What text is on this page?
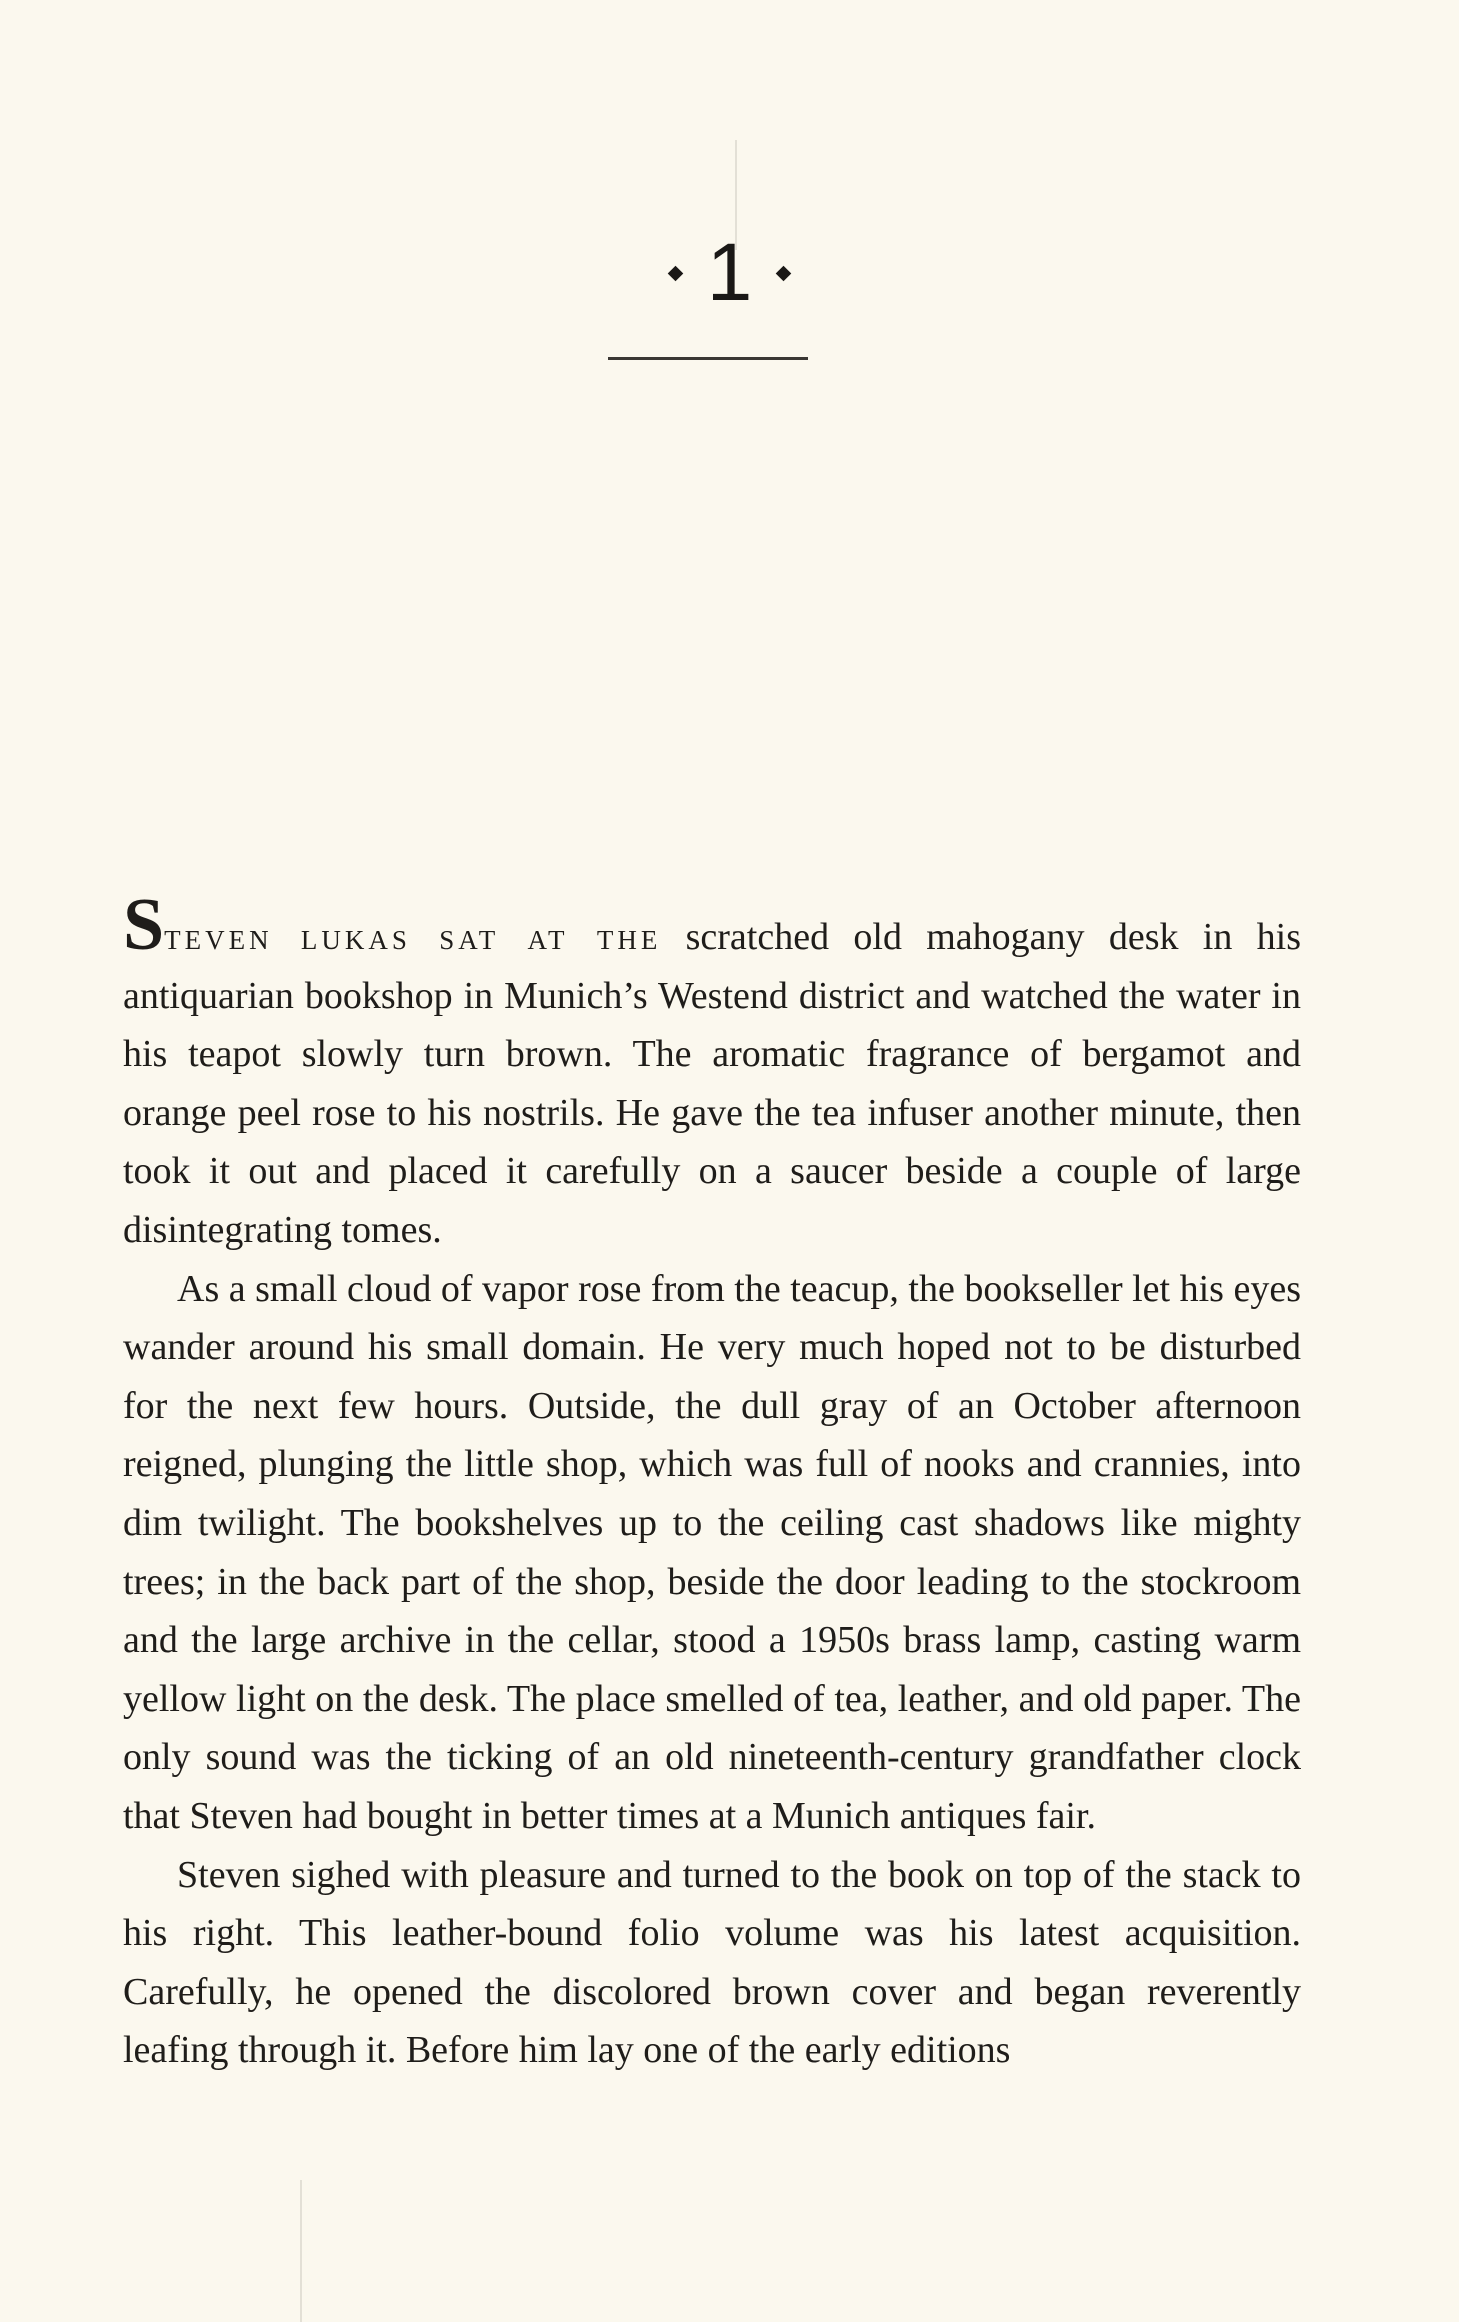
1

Steven lukas sat at the scratched old mahogany desk in his antiquarian bookshop in Munich’s Westend district and watched the water in his teapot slowly turn brown. The aromatic fragrance of bergamot and orange peel rose to his nostrils. He gave the tea infuser another minute, then took it out and placed it carefully on a saucer beside a couple of large disintegrating tomes.

As a small cloud of vapor rose from the teacup, the bookseller let his eyes wander around his small domain. He very much hoped not to be disturbed for the next few hours. Outside, the dull gray of an October afternoon reigned, plunging the little shop, which was full of nooks and crannies, into dim twilight. The bookshelves up to the ceiling cast shadows like mighty trees; in the back part of the shop, beside the door leading to the stockroom and the large archive in the cellar, stood a 1950s brass lamp, casting warm yellow light on the desk. The place smelled of tea, leather, and old paper. The only sound was the ticking of an old nineteenth-century grandfather clock that Steven had bought in better times at a Munich antiques fair.

Steven sighed with pleasure and turned to the book on top of the stack to his right. This leather-bound folio volume was his latest acquisition. Carefully, he opened the discolored brown cover and began reverently leafing through it. Before him lay one of the early editions
